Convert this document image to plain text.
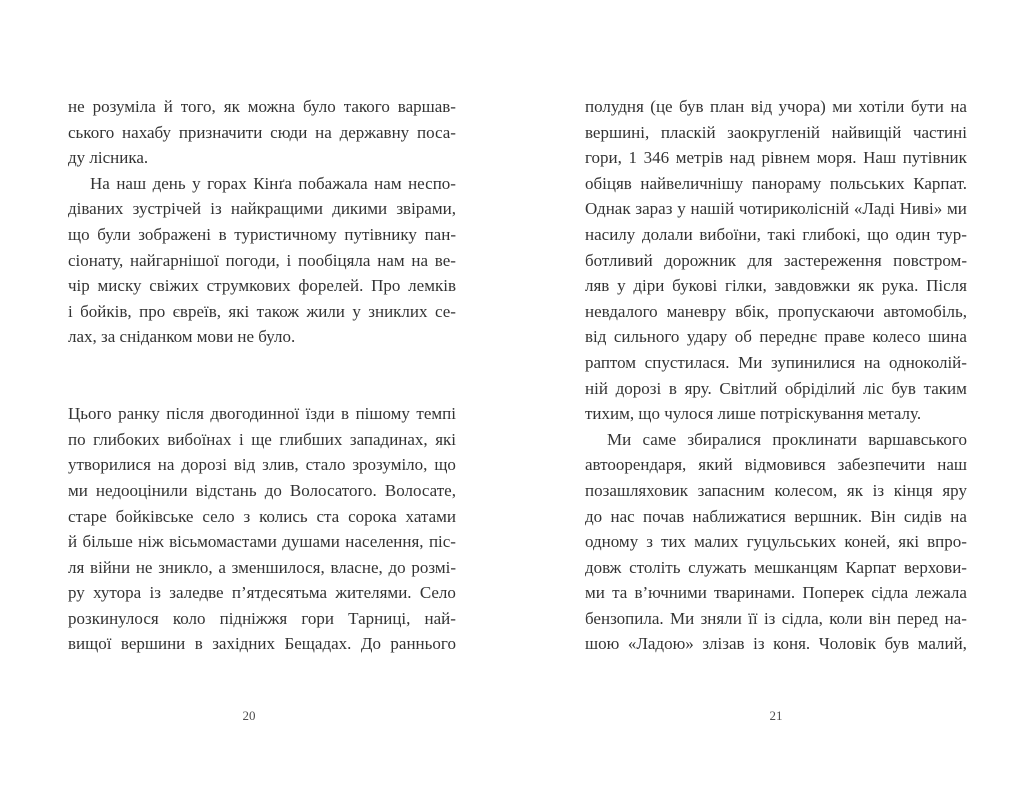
не розуміла й того, як можна було такого варшав-
ського нахабу призначити сюди на державну поса-
ду лісника.
На наш день у горах Кінґа побажала нам неспо-
діваних зустрічей із найкращими дикими звірами,
що були зображені в туристичному путівнику пан-
сіонату, найгарнішої погоди, і пообіцяла нам на ве-
чір миску свіжих струмкових форелей. Про лемків
і бойків, про євреїв, які також жили у зниклих се-
лах, за сніданком мови не було.
Цього ранку після двогодинної їзди в пішому темпі
по глибоких вибоїнах і ще глибших западинах, які
утворилися на дорозі від злив, стало зрозуміло, що
ми недооцінили відстань до Волосатого. Волосате,
старе бойківське село з колись ста сорока хатами
й більше ніж вісьмомастами душами населення, піс-
ля війни не зникло, а зменшилося, власне, до розмі-
ру хутора із заледве п’ятдесятьма жителями. Село
розкинулося коло підніжжя гори Тарниці, най-
вищої вершини в західних Бещадах. До раннього
20
полудня (це був план від учора) ми хотіли бути на
вершині, пласкій заокругленій найвищій частині
гори, 1 346 метрів над рівнем моря. Наш путівник
обіцяв найвеличнішу панораму польських Карпат.
Однак зараз у нашій чотириколісній «Ладі Ниві» ми
насилу долали вибоїни, такі глибокі, що один тур-
ботливий дорожник для застереження повстром-
ляв у діри букові гілки, завдовжки як рука. Після
невдалого маневру вбік, пропускаючи автомобіль,
від сильного удару об переднє праве колесо шина
раптом спустилася. Ми зупинилися на одноколій-
ній дорозі в яру. Світлий обріділий ліс був таким
тихим, що чулося лише потріскування металу.
Ми саме збиралися проклинати варшавського
автоорендаря, який відмовився забезпечити наш
позашляховик запасним колесом, як із кінця яру
до нас почав наближатися вершник. Він сидів на
одному з тих малих гуцульських коней, які впро-
довж століть служать мешканцям Карпат верхови-
ми та в’ючними тваринами. Поперек сідла лежала
бензопила. Ми зняли її із сідла, коли він перед на-
шою «Ладою» злізав із коня. Чоловік був малий,
21
